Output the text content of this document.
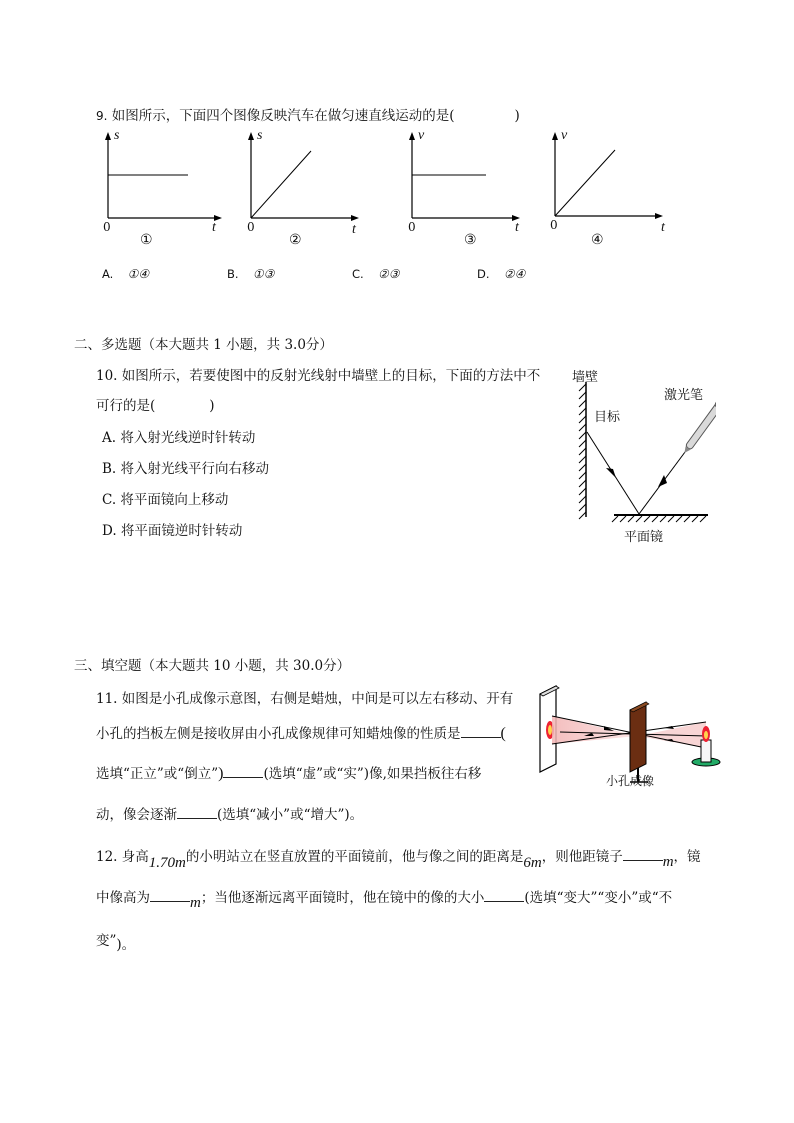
9. 如图所示，下面四个图像反映汽车在做匀速直线运动的是(	)
s
0	t
①
s
0	t
②
v
0	t
③
v
0	t
④
A. ①④	B. ①③	C. ②③	D. ②④
二、多选题（本大题共 1 小题，共 3.0分）
10. 如图所示，若要使图中的反射光线射中墙壁上的目标，下面的方法中不
可行的是(	)
A. 将入射光线逆时针转动
B. 将入射光线平行向右移动
C. 将平面镜向上移动
D. 将平面镜逆时针转动
墙壁
目标
激光笔
平面镜
三、填空题（本大题共 10 小题，共 30.0分）
11. 如图是小孔成像示意图，右侧是蜡烛，中间是可以左右移动、开有
小孔的挡板左侧是接收屏由小孔成像规律可知蜡烛像的性质是	(
选填“正立”或“倒立”)	(选填“虚”或“实”)像,如果挡板往右移
动，像会逐渐	(选填“减小”或“增大”)。
小孔成像
12. 身高1.70m的小明站立在竖直放置的平面镜前，他与像之间的距离是6m，则他距镜子	m，镜
中像高为	m；当他逐渐远离平面镜时，他在镜中的像的大小	(选填“变大”“变小”或“不
变”)。
